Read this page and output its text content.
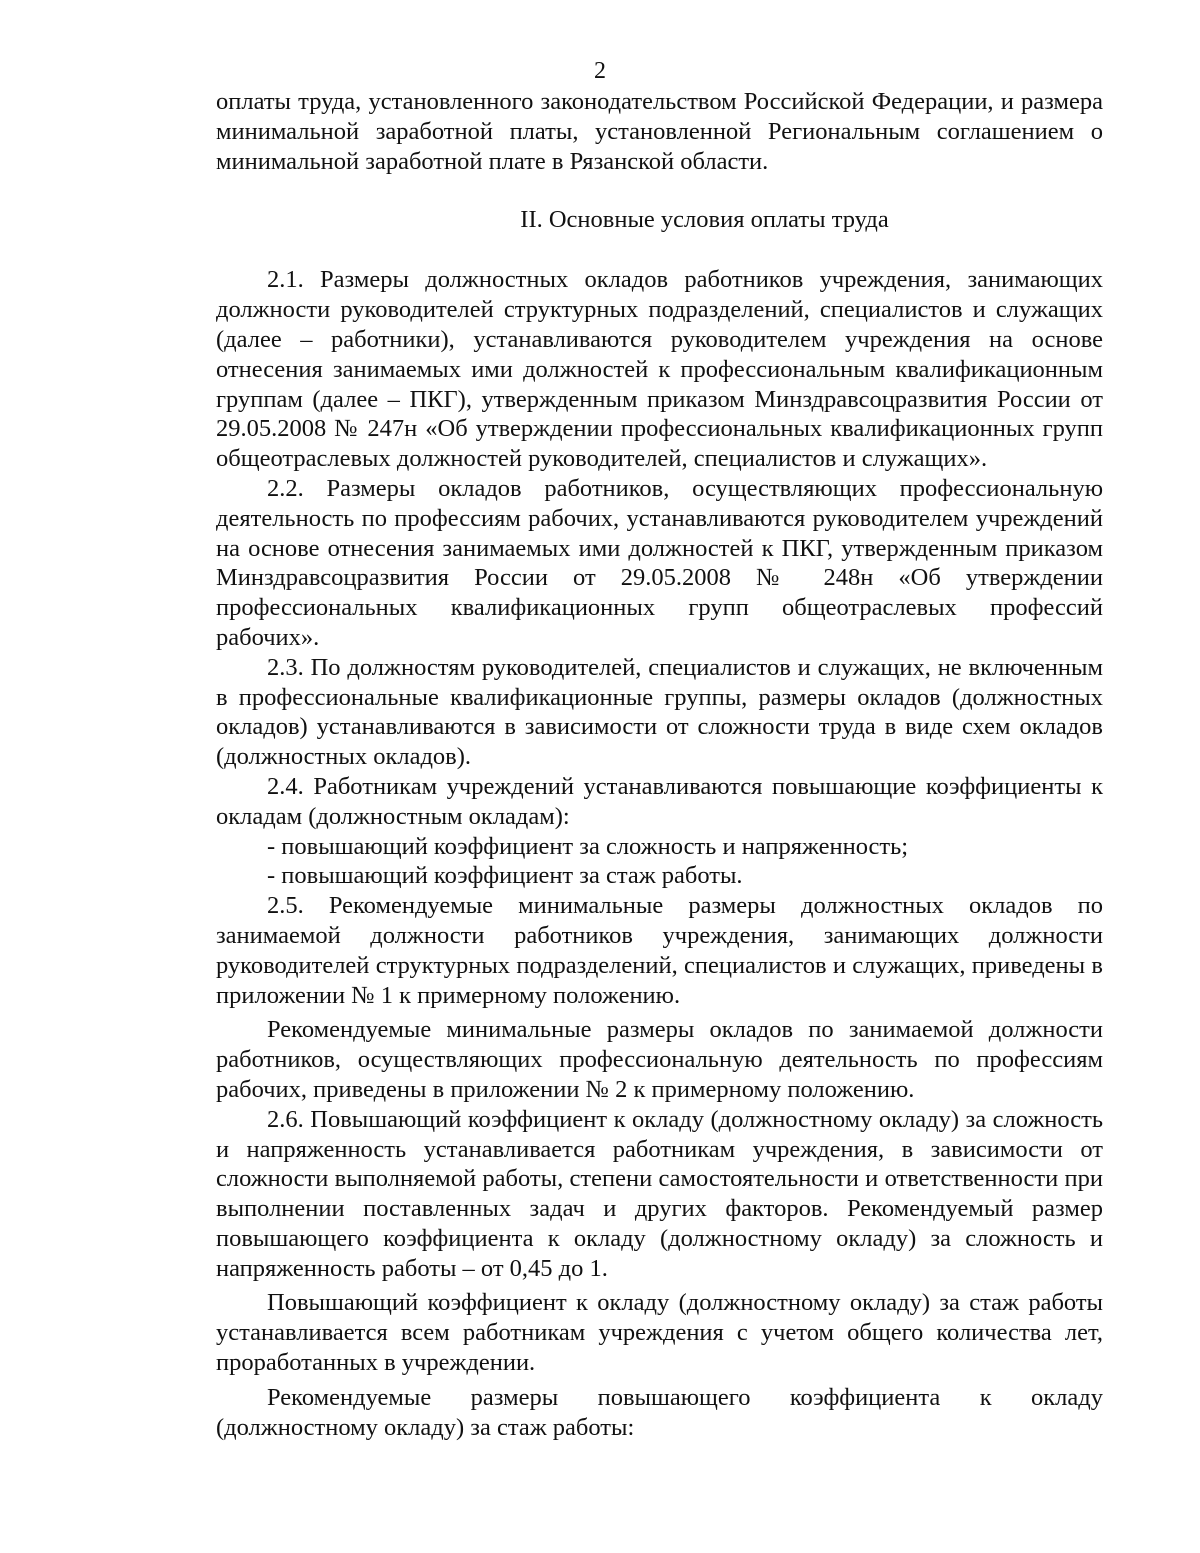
2

оплаты труда, установленного законодательством Российской Федерации, и размера минимальной заработной платы, установленной Региональным соглашением о минимальной заработной плате в Рязанской области.

II. Основные условия оплаты труда

2.1. Размеры должностных окладов работников учреждения, занимающих должности руководителей структурных подразделений, специалистов и служащих (далее – работники), устанавливаются руководителем учреждения на основе отнесения занимаемых ими должностей к профессиональным квалификационным группам (далее – ПКГ), утвержденным приказом Минздравсоцразвития России от 29.05.2008 № 247н «Об утверждении профессиональных квалификационных групп общеотраслевых должностей руководителей, специалистов и служащих».

2.2. Размеры окладов работников, осуществляющих профессиональную деятельность по профессиям рабочих, устанавливаются руководителем учреждений на основе отнесения занимаемых ими должностей к ПКГ, утвержденным приказом Минздравсоцразвития России от 29.05.2008 № 248н «Об утверждении профессиональных квалификационных групп общеотраслевых профессий рабочих».

2.3. По должностям руководителей, специалистов и служащих, не включенным в профессиональные квалификационные группы, размеры окладов (должностных окладов) устанавливаются в зависимости от сложности труда в виде схем окладов (должностных окладов).

2.4. Работникам учреждений устанавливаются повышающие коэффициенты к окладам (должностным окладам):

- повышающий коэффициент за сложность и напряженность;

- повышающий коэффициент за стаж работы.

2.5. Рекомендуемые минимальные размеры должностных окладов по занимаемой должности работников учреждения, занимающих должности руководителей структурных подразделений, специалистов и служащих, приведены в приложении № 1 к примерному положению.

Рекомендуемые минимальные размеры окладов по занимаемой должности работников, осуществляющих профессиональную деятельность по профессиям рабочих, приведены в приложении № 2 к примерному положению.

2.6. Повышающий коэффициент к окладу (должностному окладу) за сложность и напряженность устанавливается работникам учреждения, в зависимости от сложности выполняемой работы, степени самостоятельности и ответственности при выполнении поставленных задач и других факторов. Рекомендуемый размер повышающего коэффициента к окладу (должностному окладу) за сложность и напряженность работы – от 0,45 до 1.

Повышающий коэффициент к окладу (должностному окладу) за стаж работы устанавливается всем работникам учреждения с учетом общего количества лет, проработанных в учреждении.

Рекомендуемые размеры повышающего коэффициента к окладу (должностному окладу) за стаж работы:
